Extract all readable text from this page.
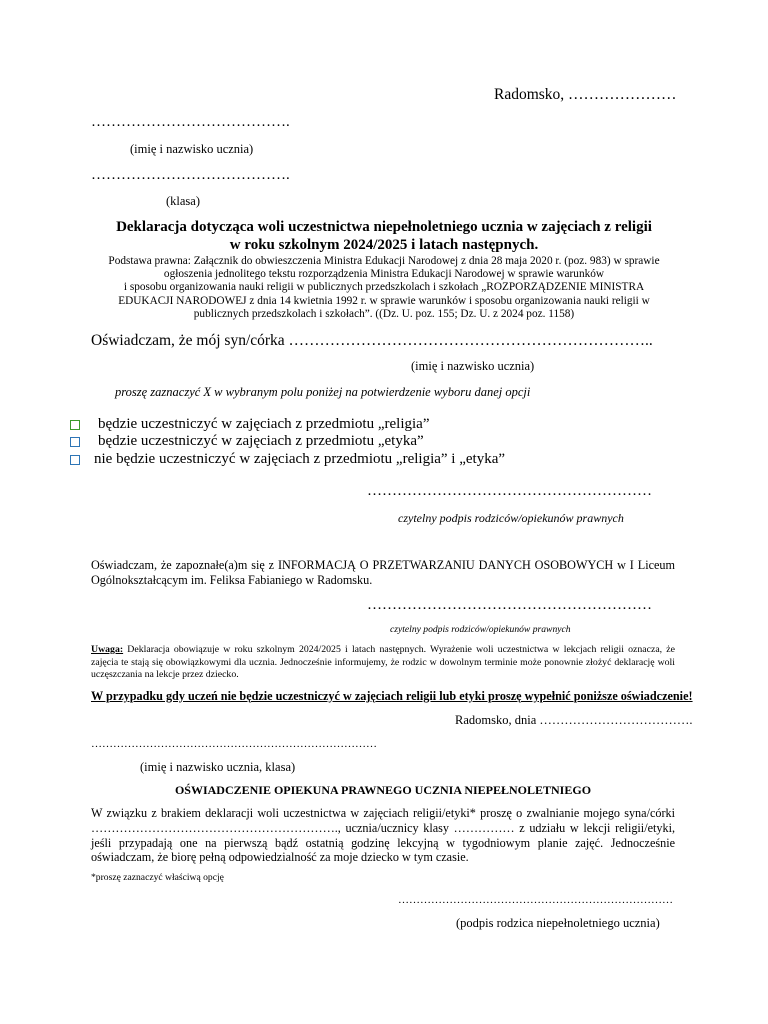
Radomsko, …………………
………………………………….
(imię i nazwisko ucznia)
………………………………….
(klasa)
Deklaracja dotycząca woli uczestnictwa niepełnoletniego ucznia w zajęciach z religii
w roku szkolnym 2024/2025 i latach następnych.
Podstawa prawna: Załącznik do obwieszczenia Ministra Edukacji Narodowej z dnia 28 maja 2020 r. (poz. 983) w sprawie
ogłoszenia jednolitego tekstu rozporządzenia Ministra Edukacji Narodowej w sprawie warunków
i sposobu organizowania nauki religii w publicznych przedszkolach i szkołach „ROZPORZĄDZENIE MINISTRA
EDUKACJI NARODOWEJ z dnia 14 kwietnia 1992 r. w sprawie warunków i sposobu organizowania nauki religii w
publicznych przedszkolach i szkołach”. ((Dz. U. poz. 155; Dz. U. z 2024 poz. 1158)
Oświadczam, że mój syn/córka ……………………………………………………………..
(imię i nazwisko ucznia)
proszę zaznaczyć X w wybranym polu poniżej na potwierdzenie wyboru danej opcji
będzie uczestniczyć w zajęciach z przedmiotu „religia”
będzie uczestniczyć w zajęciach z przedmiotu „etyka”
nie będzie uczestniczyć w zajęciach z przedmiotu „religia” i „etyka”
…………………………………………………
czytelny podpis rodziców/opiekunów prawnych
Oświadczam, że zapoznałe(a)m się z INFORMACJĄ O PRZETWARZANIU DANYCH OSOBOWYCH w I Liceum Ogólnokształcącym im. Feliksa Fabianiego w Radomsku.
…………………………………………………
czytelny podpis rodziców/opiekunów prawnych
Uwaga: Deklaracja obowiązuje w roku szkolnym 2024/2025 i latach następnych. Wyrażenie woli uczestnictwa w lekcjach religii oznacza, że zajęcia te stają się obowiązkowymi dla ucznia. Jednocześnie informujemy, że rodzic w dowolnym terminie może ponownie złożyć deklarację woli uczęszczania na lekcje przez dziecko.
W przypadku gdy uczeń nie będzie uczestniczyć w zajęciach religii lub etyki proszę wypełnić poniższe oświadczenie!
Radomsko, dnia ……………………………….
……………………………………………………………………
(imię i nazwisko ucznia, klasa)
OŚWIADCZENIE OPIEKUNA PRAWNEGO UCZNIA NIEPEŁNOLETNIEGO
W związku z brakiem deklaracji woli uczestnictwa w zajęciach religii/etyki* proszę o zwalnianie mojego syna/córki ……………………………………………………., ucznia/ucznicy klasy …………… z udziału w lekcji religii/etyki, jeśli przypadają one na pierwszą bądź ostatnią godzinę lekcyjną w tygodniowym planie zajęć. Jednocześnie oświadczam, że biorę pełną odpowiedzialność za moje dziecko w tym czasie.
*proszę zaznaczyć właściwą opcję
…………………………………………………………………
(podpis rodzica niepełnoletniego ucznia)
